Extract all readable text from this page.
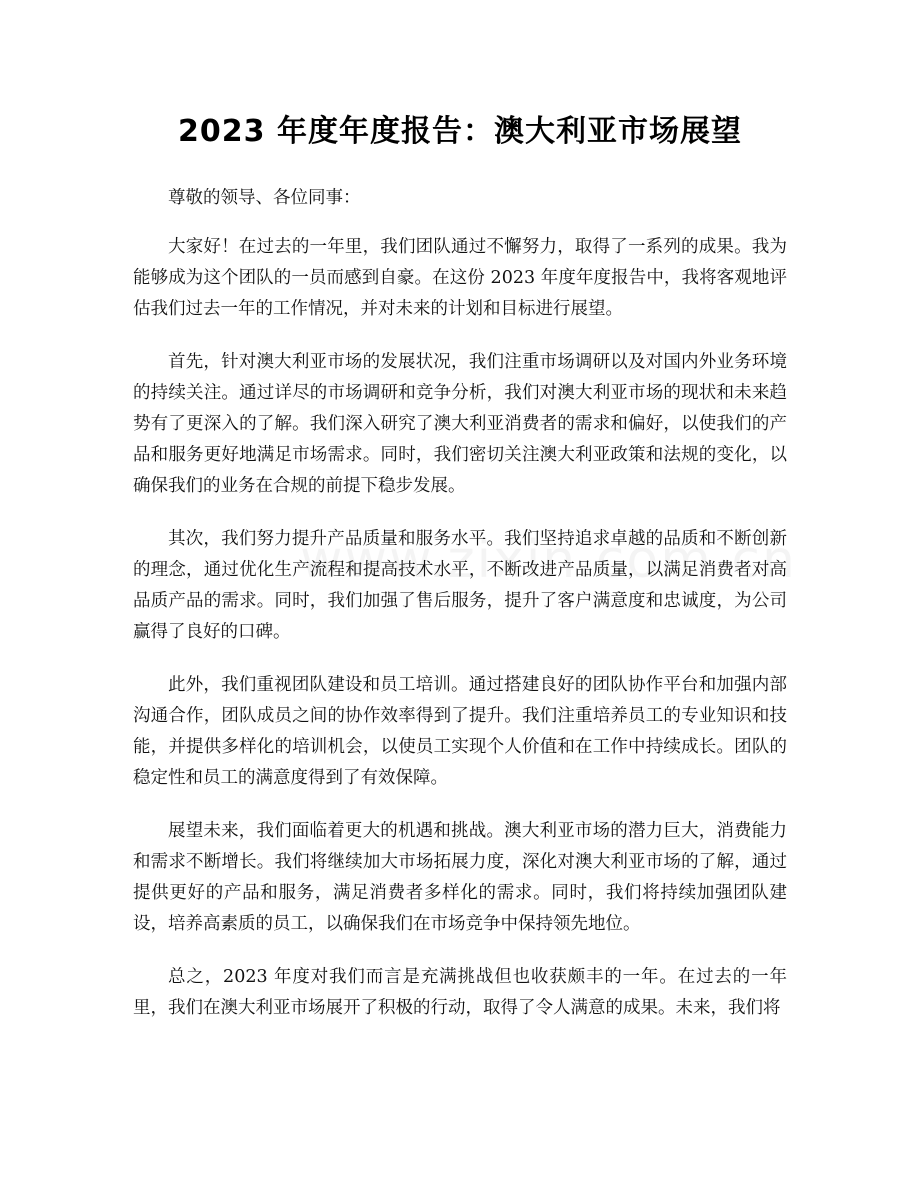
2023 年度年度报告：澳大利亚市场展望

尊敬的领导、各位同事：

大家好！在过去的一年里，我们团队通过不懈努力，取得了一系列的成果。我为能够成为这个团队的一员而感到自豪。在这份 2023 年度年度报告中，我将客观地评估我们过去一年的工作情况，并对未来的计划和目标进行展望。

首先，针对澳大利亚市场的发展状况，我们注重市场调研以及对国内外业务环境的持续关注。通过详尽的市场调研和竞争分析，我们对澳大利亚市场的现状和未来趋势有了更深入的了解。我们深入研究了澳大利亚消费者的需求和偏好，以使我们的产品和服务更好地满足市场需求。同时，我们密切关注澳大利亚政策和法规的变化，以确保我们的业务在合规的前提下稳步发展。

其次，我们努力提升产品质量和服务水平。我们坚持追求卓越的品质和不断创新的理念，通过优化生产流程和提高技术水平，不断改进产品质量，以满足消费者对高品质产品的需求。同时，我们加强了售后服务，提升了客户满意度和忠诚度，为公司赢得了良好的口碑。

此外，我们重视团队建设和员工培训。通过搭建良好的团队协作平台和加强内部沟通合作，团队成员之间的协作效率得到了提升。我们注重培养员工的专业知识和技能，并提供多样化的培训机会，以使员工实现个人价值和在工作中持续成长。团队的稳定性和员工的满意度得到了有效保障。

展望未来，我们面临着更大的机遇和挑战。澳大利亚市场的潜力巨大，消费能力和需求不断增长。我们将继续加大市场拓展力度，深化对澳大利亚市场的了解，通过提供更好的产品和服务，满足消费者多样化的需求。同时，我们将持续加强团队建设，培养高素质的员工，以确保我们在市场竞争中保持领先地位。

总之，2023 年度对我们而言是充满挑战但也收获颇丰的一年。在过去的一年里，我们在澳大利亚市场展开了积极的行动，取得了令人满意的成果。未来，我们将
